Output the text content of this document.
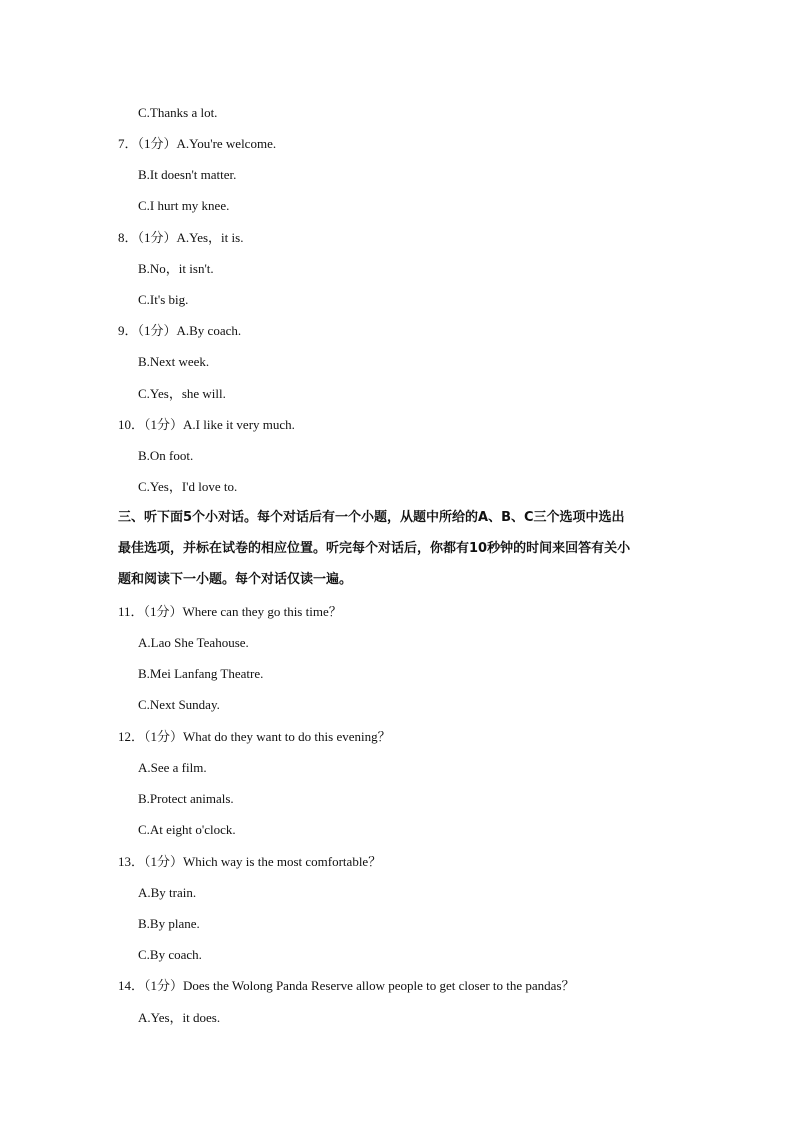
C.Thanks a lot.
7．（1分）A.You're welcome.
B.It doesn't matter.
C.I hurt my knee.
8．（1分）A.Yes，it is.
B.No，it isn't.
C.It's big.
9．（1分）A.By coach.
B.Next week.
C.Yes，she will.
10．（1分）A.I like it very much.
B.On foot.
C.Yes，I'd love to.
三、听下面5个小对话。每个对话后有一个小题，从题中所给的A、B、C三个选项中选出
最佳选项，并标在试卷的相应位置。听完每个对话后，你都有10秒钟的时间来回答有关小
题和阅读下一小题。每个对话仅读一遍。
11．（1分）Where can they go this time？
A.Lao She Teahouse.
B.Mei Lanfang Theatre.
C.Next Sunday.
12．（1分）What do they want to do this evening？
A.See a film.
B.Protect animals.
C.At eight o'clock.
13．（1分）Which way is the most comfortable？
A.By train.
B.By plane.
C.By coach.
14．（1分）Does the Wolong Panda Reserve allow people to get closer to the pandas？
A.Yes，it does.
